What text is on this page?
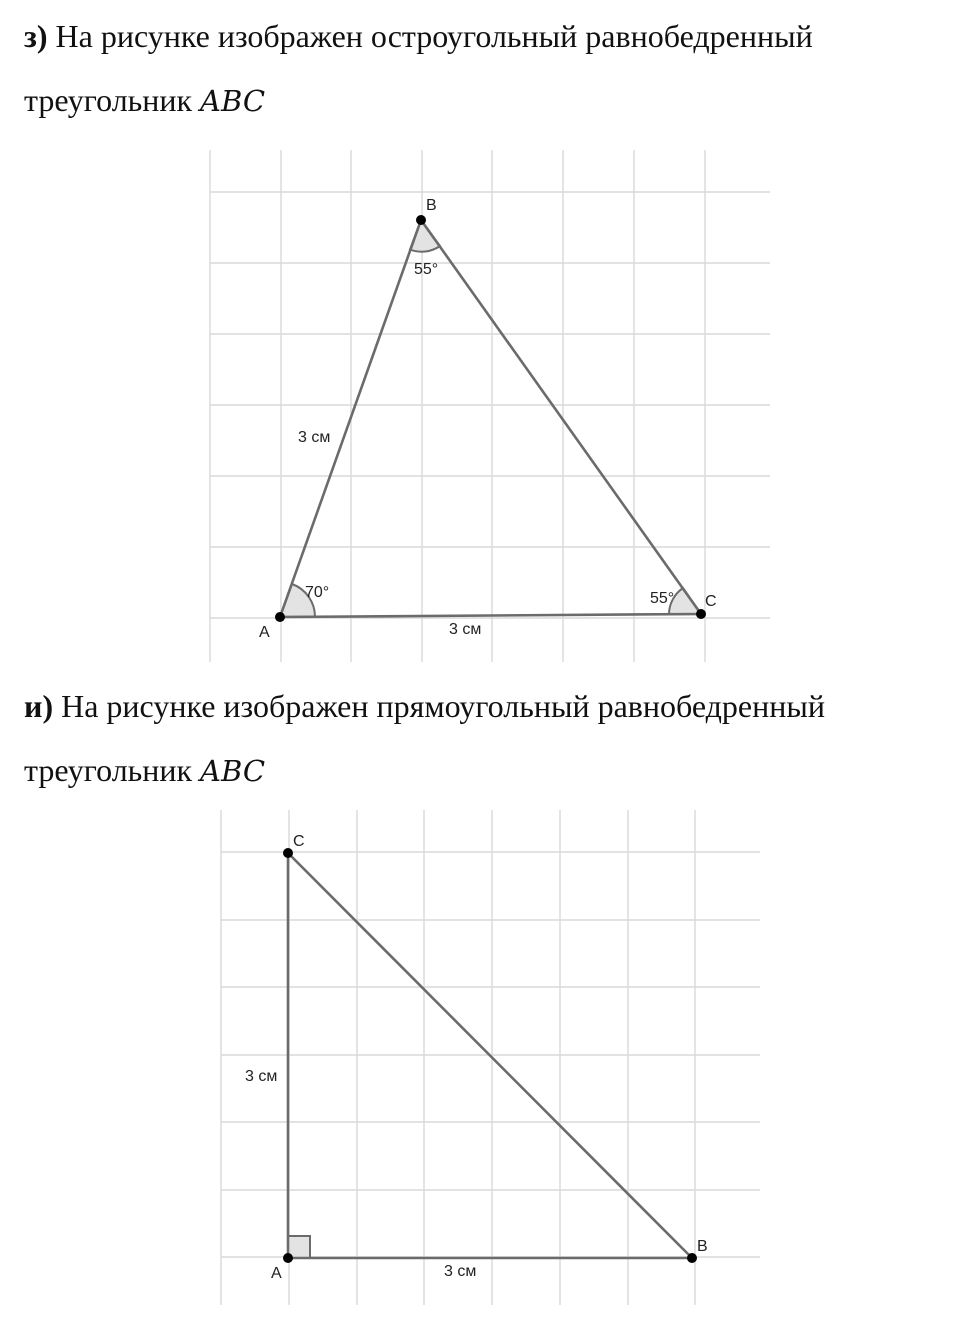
з) На рисунке изображен остроугольный равнобедренный
треугольник ABC
и) На рисунке изображен прямоугольный равнобедренный
треугольник ABC
A
B
C
70°
55°
55°
3 см
3 см
A
B
C
3 см
3 см
